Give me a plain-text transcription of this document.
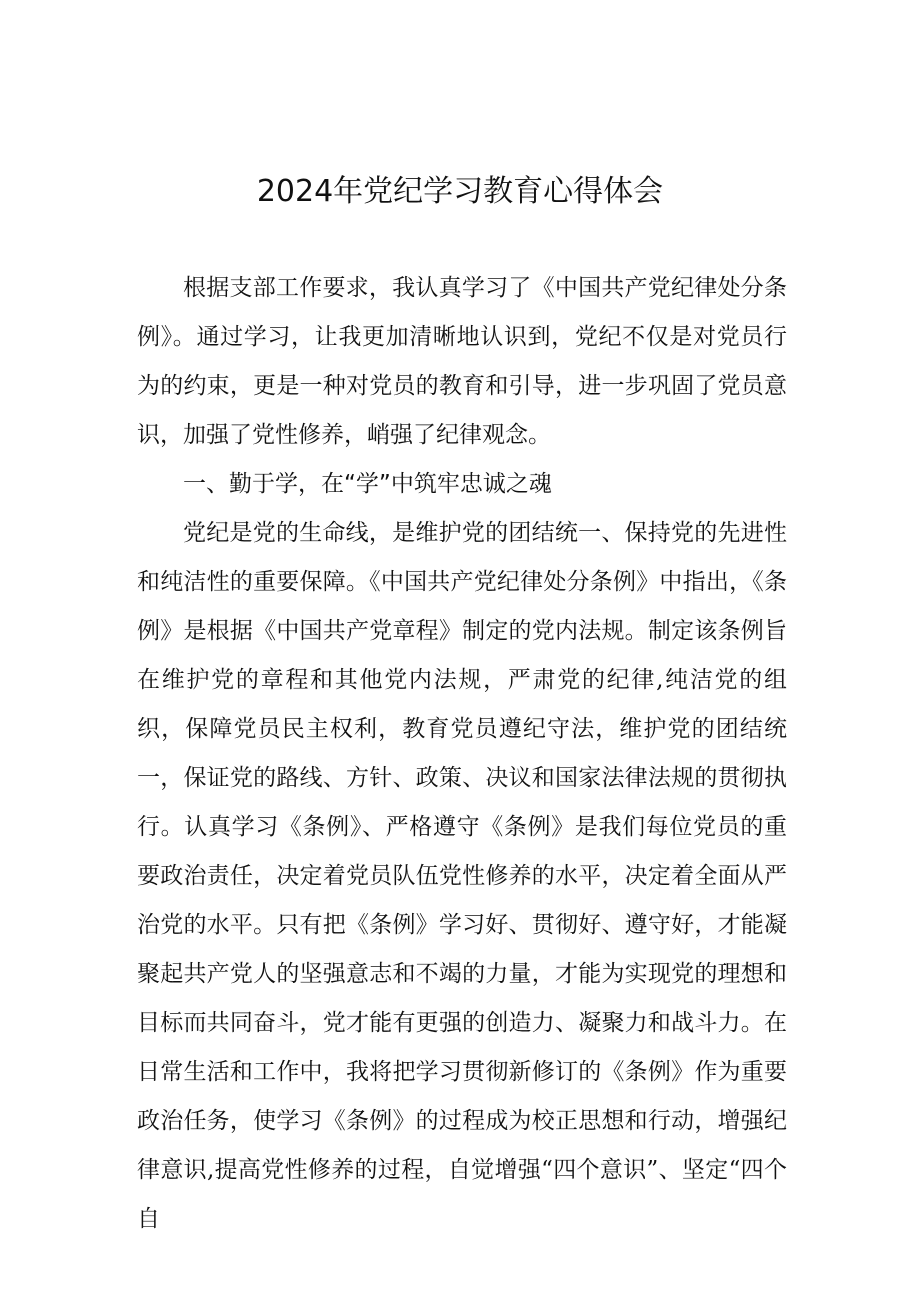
2024年党纪学习教育心得体会

根据支部工作要求，我认真学习了《中国共产党纪律处分条例》。通过学习，让我更加清晰地认识到，党纪不仅是对党员行为的约束，更是一种对党员的教育和引导，进一步巩固了党员意识，加强了党性修养，峭强了纪律观念。

一、勤于学，在“学”中筑牢忠诚之魂

党纪是党的生命线，是维护党的团结统一、保持党的先进性和纯洁性的重要保障。《中国共产党纪律处分条例》中指出，《条例》是根据《中国共产党章程》制定的党内法规。制定该条例旨在维护党的章程和其他党内法规，严肃党的纪律,纯洁党的组织，保障党员民主权利，教育党员遵纪守法，维护党的团结统一，保证党的路线、方针、政策、决议和国家法律法规的贯彻执行。认真学习《条例》、严格遵守《条例》是我们每位党员的重要政治责任，决定着党员队伍党性修养的水平，决定着全面从严治党的水平。只有把《条例》学习好、贯彻好、遵守好，才能凝聚起共产党人的坚强意志和不竭的力量，才能为实现党的理想和目标而共同奋斗，党才能有更强的创造力、凝聚力和战斗力。在日常生活和工作中，我将把学习贯彻新修订的《条例》作为重要政治任务，使学习《条例》的过程成为校正思想和行动，增强纪律意识,提高党性修养的过程，自觉增强“四个意识”、坚定“四个自
